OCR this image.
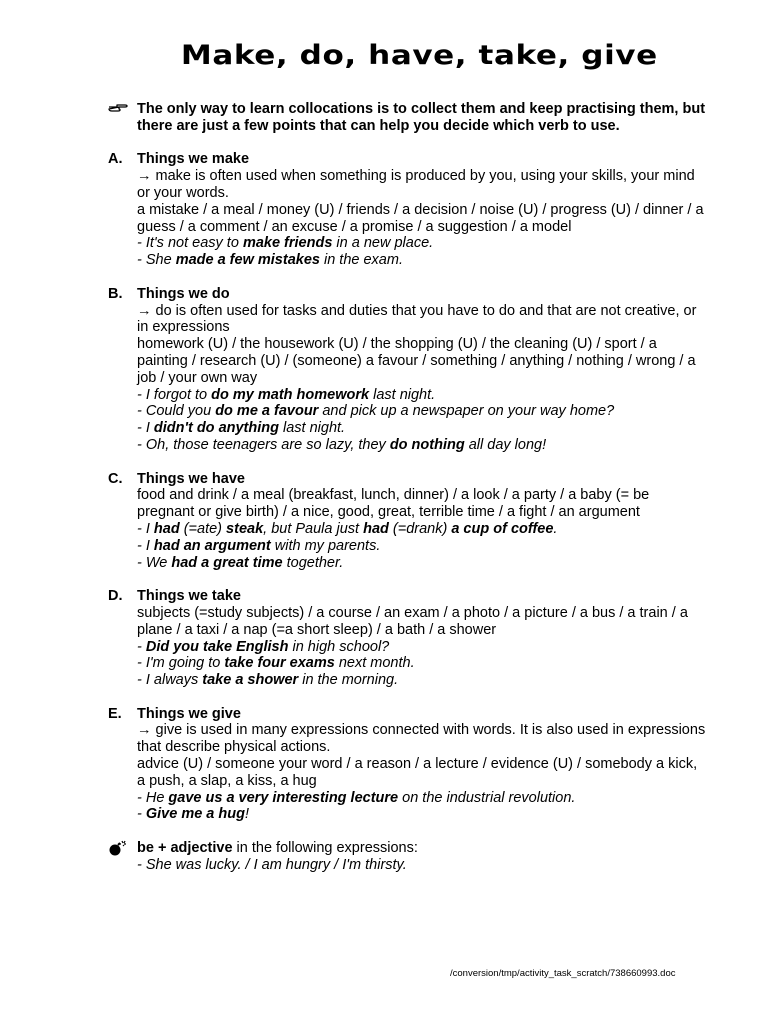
Make, do, have, take, give
The only way to learn collocations is to collect them and keep practising them, but there are just a few points that can help you decide which verb to use.
A.	Things we make
→ make is often used when something is produced by you, using your skills, your mind or your words.
a mistake / a meal / money (U) / friends / a decision / noise (U) / progress (U) / dinner / a guess / a comment / an excuse / a promise / a suggestion / a model
- It's not easy to make friends in a new place.
- She made a few mistakes in the exam.
B.	Things we do
→ do is often used for tasks and duties that you have to do and that are not creative, or in expressions
homework (U) / the housework (U) / the shopping (U) / the cleaning (U) / sport / a painting / research (U) / (someone) a favour / something / anything / nothing / wrong / a job / your own way
- I forgot to do my math homework last night.
- Could you do me a favour and pick up a newspaper on your way home?
- I didn't do anything last night.
- Oh, those teenagers are so lazy, they do nothing all day long!
C.	Things we have
food and drink / a meal (breakfast, lunch, dinner) / a look / a party / a baby (= be pregnant or give birth) / a nice, good, great, terrible time / a fight / an argument
- I had (=ate) steak, but Paula just had (=drank) a cup of coffee.
- I had an argument with my parents.
- We had a great time together.
D.	Things we take
subjects (=study subjects) / a course / an exam / a photo / a picture / a bus / a train / a plane / a taxi / a nap (=a short sleep) / a bath / a shower
- Did you take English in high school?
- I'm going to take four exams next month.
- I always take a shower in the morning.
E.	Things we give
→ give is used in many expressions connected with words. It is also used in expressions that describe physical actions.
advice (U) / someone your word / a reason / a lecture / evidence (U) / somebody a kick, a push, a slap, a kiss, a hug
- He gave us a very interesting lecture on the industrial revolution.
- Give me a hug!
be + adjective in the following expressions:
- She was lucky. / I am hungry / I'm thirsty.
/conversion/tmp/activity_task_scratch/738660993.doc
